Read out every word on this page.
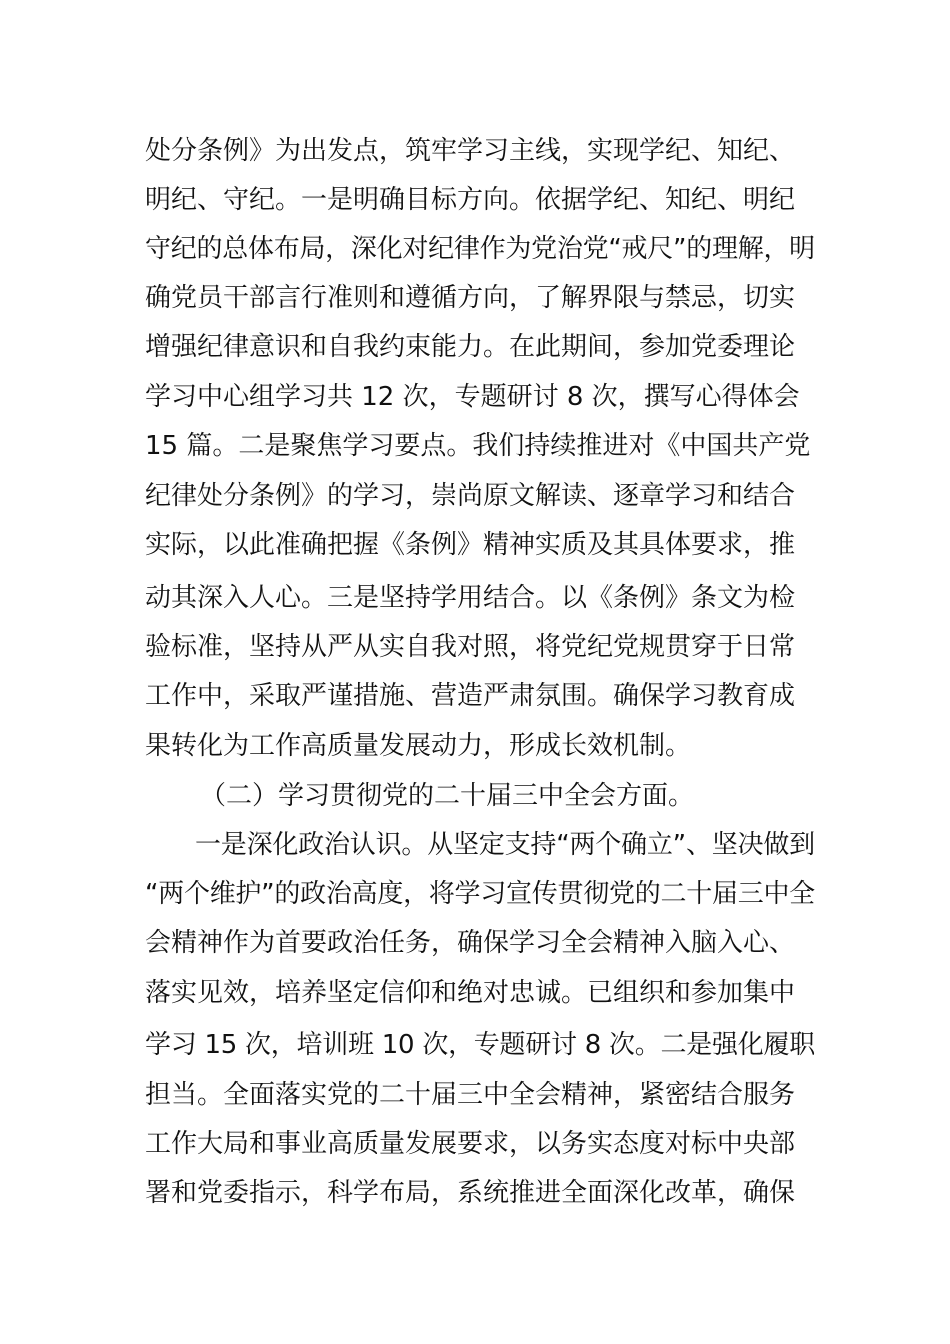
处分条例》为出发点，筑牢学习主线，实现学纪、知纪、
明纪、守纪。一是明确目标方向。依据学纪、知纪、明纪
守纪的总体布局，深化对纪律作为党治党“戒尺”的理解，明
确党员干部言行准则和遵循方向，了解界限与禁忌，切实
增强纪律意识和自我约束能力。在此期间，参加党委理论
学习中心组学习共 12 次，专题研讨 8 次，撰写心得体会
15 篇。二是聚焦学习要点。我们持续推进对《中国共产党
纪律处分条例》的学习，崇尚原文解读、逐章学习和结合
实际，以此准确把握《条例》精神实质及其具体要求，推
动其深入人心。三是坚持学用结合。以《条例》条文为检
验标准，坚持从严从实自我对照，将党纪党规贯穿于日常
工作中，采取严谨措施、营造严肃氛围。确保学习教育成
果转化为工作高质量发展动力，形成长效机制。
（二）学习贯彻党的二十届三中全会方面。
一是深化政治认识。从坚定支持“两个确立”、坚决做到
“两个维护”的政治高度，将学习宣传贯彻党的二十届三中全
会精神作为首要政治任务，确保学习全会精神入脑入心、
落实见效，培养坚定信仰和绝对忠诚。已组织和参加集中
学习 15 次，培训班 10 次，专题研讨 8 次。二是强化履职
担当。全面落实党的二十届三中全会精神，紧密结合服务
工作大局和事业高质量发展要求，以务实态度对标中央部
署和党委指示，科学布局，系统推进全面深化改革，确保
